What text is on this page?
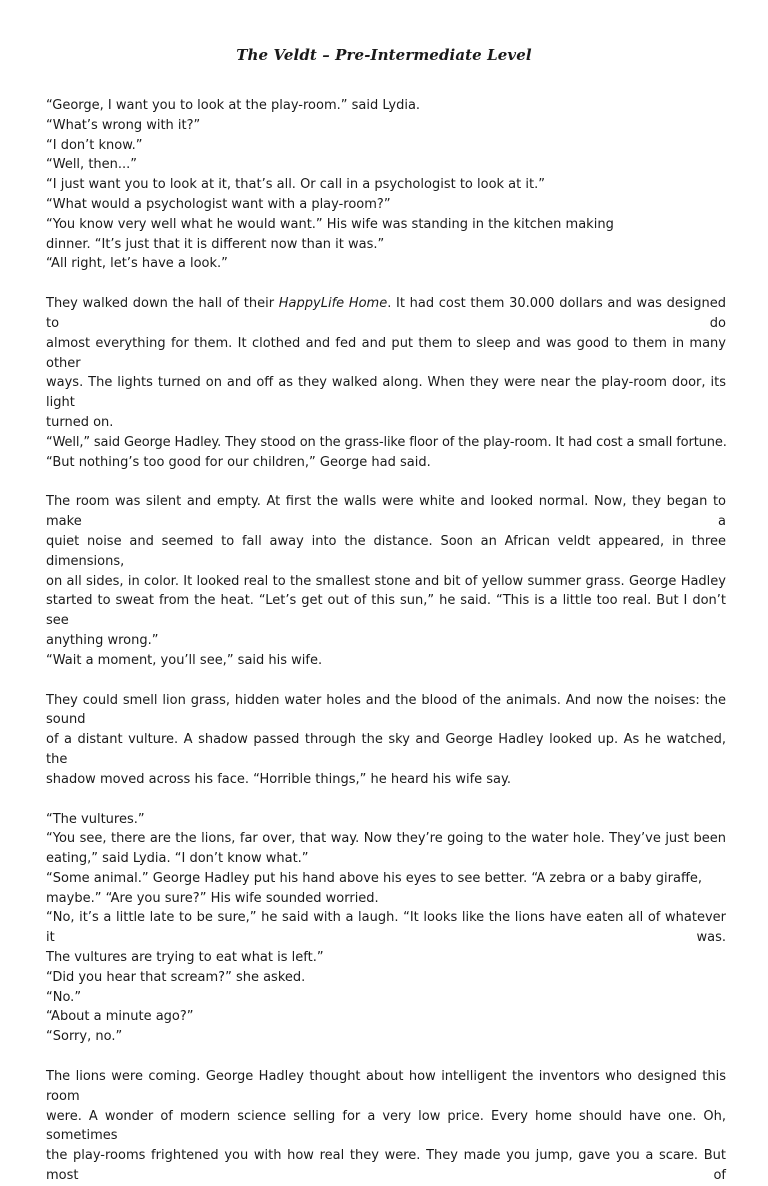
The Veldt – Pre-Intermediate Level

“George, I want you to look at the play-room.” said Lydia.
“What’s wrong with it?”
“I don’t know.”
“Well, then...”
“I just want you to look at it, that’s all. Or call in a psychologist to look at it.”
“What would a psychologist want with a play-room?”
“You know very well what he would want.” His wife was standing in the kitchen making
dinner. “It’s just that it is different now than it was.”
“All right, let’s have a look.”

They walked down the hall of their HappyLife Home. It had cost them 30.000 dollars and was designed to do
almost everything for them. It clothed and fed and put them to sleep and was good to them in many other
ways. The lights turned on and off as they walked along. When they were near the play-room door, its light
turned on.
“Well,” said George Hadley. They stood on the grass-like floor of the play-room. It had cost a small fortune.
“But nothing’s too good for our children,” George had said.

The room was silent and empty. At first the walls were white and looked normal. Now, they began to make a
quiet noise and seemed to fall away into the distance. Soon an African veldt appeared, in three dimensions,
on all sides, in color. It looked real to the smallest stone and bit of yellow summer grass. George Hadley
started to sweat from the heat. “Let’s get out of this sun,” he said. “This is a little too real. But I don’t see
anything wrong.”
“Wait a moment, you’ll see,” said his wife.

They could smell lion grass, hidden water holes and the blood of the animals. And now the noises: the sound
of a distant vulture. A shadow passed through the sky and George Hadley looked up. As he watched, the
shadow moved across his face. “Horrible things,” he heard his wife say.

“The vultures.”
“You see, there are the lions, far over, that way. Now they’re going to the water hole. They’ve just been
eating,” said Lydia. “I don’t know what.”
“Some animal.” George Hadley put his hand above his eyes to see better. “A zebra or a baby giraffe,
maybe.” “Are you sure?” His wife sounded worried.
“No, it’s a little late to be sure,” he said with a laugh. “It looks like the lions have eaten all of whatever it was.
The vultures are trying to eat what is left.”
“Did you hear that scream?” she asked.
“No.”
“About a minute ago?”
“Sorry, no.”

The lions were coming. George Hadley thought about how intelligent the inventors who designed this room
were. A wonder of modern science selling for a very low price. Every home should have one. Oh, sometimes
the play-rooms frightened you with how real they were. They made you jump, gave you a scare. But most of
